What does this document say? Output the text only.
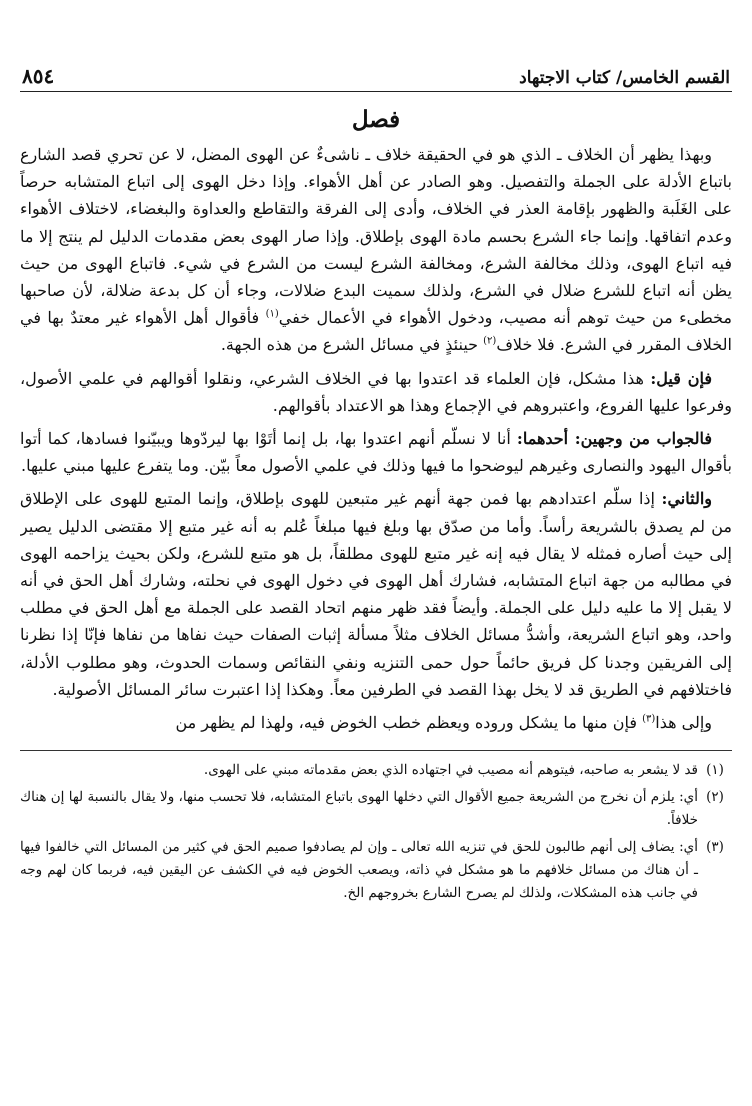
القسم الخامس/ كتاب الاجتهاد
٨٥٤
فصل

وبهذا يظهر أن الخلاف ـ الذي هو في الحقيقة خلاف ـ ناشىءٌ عن الهوى المضل، لا عن تحري قصد الشارع باتباع الأدلة على الجملة والتفصيل. وهو الصادر عن أهل الأهواء. وإذا دخل الهوى إلى اتباع المتشابه حرصاً على الغَلَبة والظهور بإقامة العذر في الخلاف، وأدى إلى الفرقة والتقاطع والعداوة والبغضاء، لاختلاف الأهواء وعدم اتفاقها. وإنما جاء الشرع بحسم مادة الهوى بإطلاق. وإذا صار الهوى بعض مقدمات الدليل لم ينتج إلا ما فيه اتباع الهوى، وذلك مخالفة الشرع، ومخالفة الشرع ليست من الشرع في شيء. فاتباع الهوى من حيث يظن أنه اتباع للشرع ضلال في الشرع، ولذلك سميت البدع ضلالات، وجاء أن كل بدعة ضلالة، لأن صاحبها مخطىء من حيث توهم أنه مصيب، ودخول الأهواء في الأعمال خفي$^{(١)}$ فأقوال أهل الأهواء غير معتدٌ بها في الخلاف المقرر في الشرع. فلا خلاف$^{(٢)}$ حينئذٍ في مسائل الشرع من هذه الجهة.

فإن قيل: هذا مشكل، فإن العلماء قد اعتدوا بها في الخلاف الشرعي، ونقلوا أقوالهم في علمي الأصول، وفرعوا عليها الفروع، واعتبروهم في الإجماع وهذا هو الاعتداد بأقوالهم.

فالجواب من وجهين: أحدهما: أنا لا نسلّم أنهم اعتدوا بها، بل إنما أتَوْا بها ليردّوها ويبيّنوا فسادها، كما أتوا بأقوال اليهود والنصارى وغيرهم ليوضحوا ما فيها وذلك في علمي الأصول معاً بيّن. وما يتفرع عليها مبني عليها.

والثاني: إذا سلّم اعتدادهم بها فمن جهة أنهم غير متبعين للهوى بإطلاق، وإنما المتبع للهوى على الإطلاق من لم يصدق بالشريعة رأساً. وأما من صدّق بها وبلغ فيها مبلغاً عُلم به أنه غير متبع إلا مقتضى الدليل يصير إلى حيث أصاره فمثله لا يقال فيه إنه غير متبع للهوى مطلقاً، بل هو متبع للشرع، ولكن بحيث يزاحمه الهوى في مطالبه من جهة اتباع المتشابه، فشارك أهل الهوى في دخول الهوى في نحلته، وشارك أهل الحق في أنه لا يقبل إلا ما عليه دليل على الجملة. وأيضاً فقد ظهر منهم اتحاد القصد على الجملة مع أهل الحق في مطلب واحد، وهو اتباع الشريعة، وأشدُّ مسائل الخلاف مثلاً مسألة إثبات الصفات حيث نفاها من نفاها فإنّا إذا نظرنا إلى الفريقين وجدنا كل فريق حائماً حول حمى التنزيه ونفي النقائص وسمات الحدوث، وهو مطلوب الأدلة، فاختلافهم في الطريق قد لا يخل بهذا القصد في الطرفين معاً. وهكذا إذا اعتبرت سائر المسائل الأصولية.

وإلى هذا$^{(٣)}$ فإن منها ما يشكل وروده ويعظم خطب الخوض فيه، ولهذا لم يظهر من

(١)
قد لا يشعر به صاحبه، فيتوهم أنه مصيب في اجتهاده الذي بعض مقدماته مبني على الهوى.
(٢)
أي: يلزم أن نخرج من الشريعة جميع الأقوال التي دخلها الهوى باتباع المتشابه، فلا تحسب منها، ولا يقال بالنسبة لها إن هناك خلافاً.
(٣)
أي: يضاف إلى أنهم طالبون للحق في تنزيه الله تعالى ـ وإن لم يصادفوا صميم الحق في كثير من المسائل التي خالفوا فيها ـ أن هناك من مسائل خلافهم ما هو مشكل في ذاته، ويصعب الخوض فيه في الكشف عن اليقين فيه، فربما كان لهم وجه في جانب هذه المشكلات، ولذلك لم يصرح الشارع بخروجهم الخ.
